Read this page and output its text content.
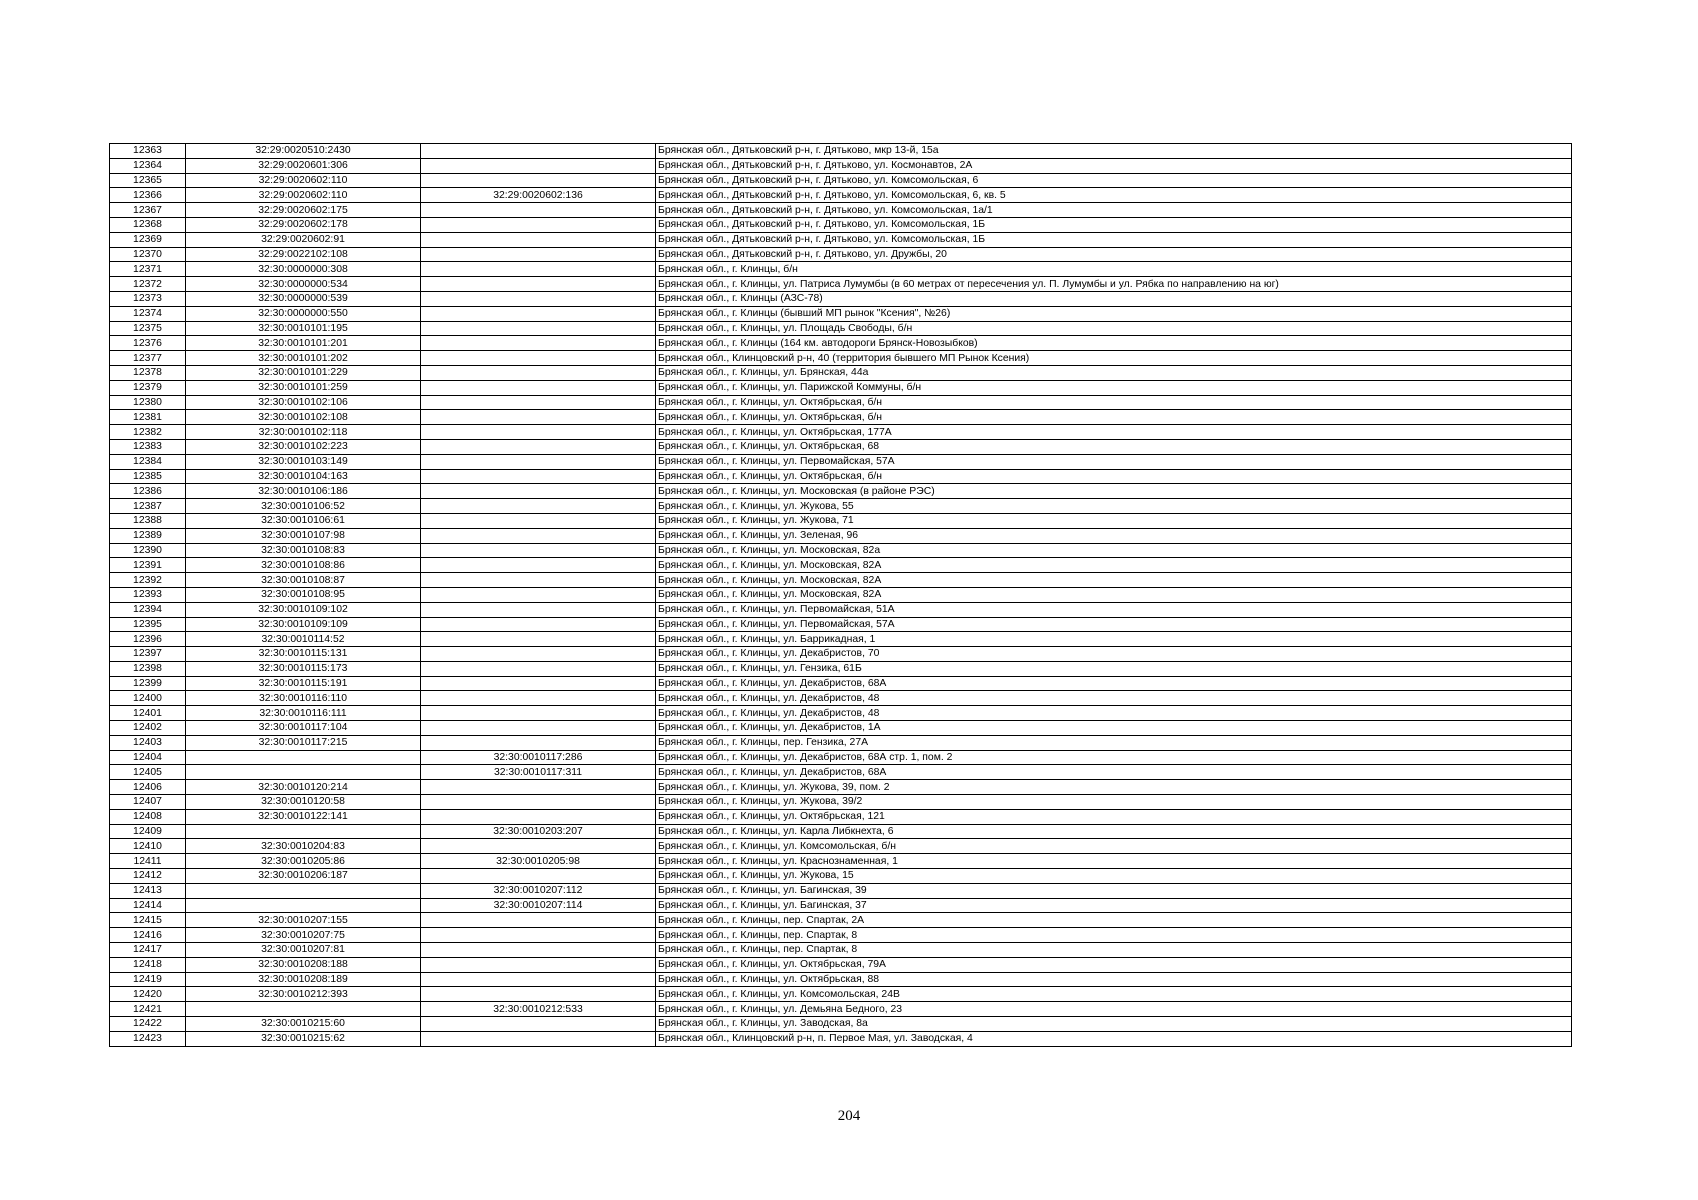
12363	32:29:0020510:2430		Брянская обл., Дятьковский р-н, г. Дятьково, мкр 13-й, 15а
12364	32:29:0020601:306		Брянская обл., Дятьковский р-н, г. Дятьково, ул. Космонавтов, 2А
12365	32:29:0020602:110		Брянская обл., Дятьковский р-н, г. Дятьково, ул. Комсомольская, 6
12366	32:29:0020602:110	32:29:0020602:136	Брянская обл., Дятьковский р-н, г. Дятьково, ул. Комсомольская, 6, кв. 5
12367	32:29:0020602:175		Брянская обл., Дятьковский р-н, г. Дятьково, ул. Комсомольская, 1а/1
12368	32:29:0020602:178		Брянская обл., Дятьковский р-н, г. Дятьково, ул. Комсомольская, 1Б
12369	32:29:0020602:91		Брянская обл., Дятьковский р-н, г. Дятьково, ул. Комсомольская, 1Б
12370	32:29:0022102:108		Брянская обл., Дятьковский р-н, г. Дятьково, ул. Дружбы, 20
12371	32:30:0000000:308		Брянская обл., г. Клинцы, б/н
12372	32:30:0000000:534		Брянская обл., г. Клинцы, ул. Патриса Лумумбы (в 60 метрах от пересечения ул. П. Лумумбы и ул. Рябка по направлению на юг)
12373	32:30:0000000:539		Брянская обл., г. Клинцы (АЗС-78)
12374	32:30:0000000:550		Брянская обл., г. Клинцы (бывший МП рынок "Ксения", №26)
12375	32:30:0010101:195		Брянская обл., г. Клинцы, ул. Площадь Свободы, б/н
12376	32:30:0010101:201		Брянская обл., г. Клинцы (164 км. автодороги Брянск-Новозыбков)
12377	32:30:0010101:202		Брянская обл., Клинцовский р-н, 40 (территория бывшего МП Рынок Ксения)
12378	32:30:0010101:229		Брянская обл., г. Клинцы, ул. Брянская, 44а
12379	32:30:0010101:259		Брянская обл., г. Клинцы, ул. Парижской Коммуны, б/н
12380	32:30:0010102:106		Брянская обл., г. Клинцы, ул. Октябрьская, б/н
12381	32:30:0010102:108		Брянская обл., г. Клинцы, ул. Октябрьская, б/н
12382	32:30:0010102:118		Брянская обл., г. Клинцы, ул. Октябрьская, 177А
12383	32:30:0010102:223		Брянская обл., г. Клинцы, ул. Октябрьская, 68
12384	32:30:0010103:149		Брянская обл., г. Клинцы, ул. Первомайская, 57А
12385	32:30:0010104:163		Брянская обл., г. Клинцы, ул. Октябрьская, б/н
12386	32:30:0010106:186		Брянская обл., г. Клинцы, ул. Московская (в районе РЭС)
12387	32:30:0010106:52		Брянская обл., г. Клинцы, ул. Жукова, 55
12388	32:30:0010106:61		Брянская обл., г. Клинцы, ул. Жукова, 71
12389	32:30:0010107:98		Брянская обл., г. Клинцы, ул. Зеленая, 96
12390	32:30:0010108:83		Брянская обл., г. Клинцы, ул. Московская, 82а
12391	32:30:0010108:86		Брянская обл., г. Клинцы, ул. Московская, 82А
12392	32:30:0010108:87		Брянская обл., г. Клинцы, ул. Московская, 82А
12393	32:30:0010108:95		Брянская обл., г. Клинцы, ул. Московская, 82А
12394	32:30:0010109:102		Брянская обл., г. Клинцы, ул. Первомайская, 51А
12395	32:30:0010109:109		Брянская обл., г. Клинцы, ул. Первомайская, 57А
12396	32:30:0010114:52		Брянская обл., г. Клинцы, ул. Баррикадная, 1
12397	32:30:0010115:131		Брянская обл., г. Клинцы, ул. Декабристов, 70
12398	32:30:0010115:173		Брянская обл., г. Клинцы, ул. Гензика, 61Б
12399	32:30:0010115:191		Брянская обл., г. Клинцы, ул. Декабристов, 68А
12400	32:30:0010116:110		Брянская обл., г. Клинцы, ул. Декабристов, 48
12401	32:30:0010116:111		Брянская обл., г. Клинцы, ул. Декабристов, 48
12402	32:30:0010117:104		Брянская обл., г. Клинцы, ул. Декабристов, 1А
12403	32:30:0010117:215		Брянская обл., г. Клинцы, пер. Гензика, 27А
12404		32:30:0010117:286	Брянская обл., г. Клинцы, ул. Декабристов, 68А стр. 1, пом. 2
12405		32:30:0010117:311	Брянская обл., г. Клинцы, ул. Декабристов, 68А
12406	32:30:0010120:214		Брянская обл., г. Клинцы, ул. Жукова, 39, пом. 2
12407	32:30:0010120:58		Брянская обл., г. Клинцы, ул. Жукова, 39/2
12408	32:30:0010122:141		Брянская обл., г. Клинцы, ул. Октябрьская, 121
12409		32:30:0010203:207	Брянская обл., г. Клинцы, ул. Карла Либкнехта, 6
12410	32:30:0010204:83		Брянская обл., г. Клинцы, ул. Комсомольская, б/н
12411	32:30:0010205:86	32:30:0010205:98	Брянская обл., г. Клинцы, ул. Краснознаменная, 1
12412	32:30:0010206:187		Брянская обл., г. Клинцы, ул. Жукова, 15
12413		32:30:0010207:112	Брянская обл., г. Клинцы, ул. Багинская, 39
12414		32:30:0010207:114	Брянская обл., г. Клинцы, ул. Багинская, 37
12415	32:30:0010207:155		Брянская обл., г. Клинцы, пер. Спартак, 2А
12416	32:30:0010207:75		Брянская обл., г. Клинцы, пер. Спартак, 8
12417	32:30:0010207:81		Брянская обл., г. Клинцы, пер. Спартак, 8
12418	32:30:0010208:188		Брянская обл., г. Клинцы, ул. Октябрьская, 79А
12419	32:30:0010208:189		Брянская обл., г. Клинцы, ул. Октябрьская, 88
12420	32:30:0010212:393		Брянская обл., г. Клинцы, ул. Комсомольская, 24В
12421		32:30:0010212:533	Брянская обл., г. Клинцы, ул. Демьяна Бедного, 23
12422	32:30:0010215:60		Брянская обл., г. Клинцы, ул. Заводская, 8а
12423	32:30:0010215:62		Брянская обл., Клинцовский р-н, п. Первое Мая, ул. Заводская, 4
204
